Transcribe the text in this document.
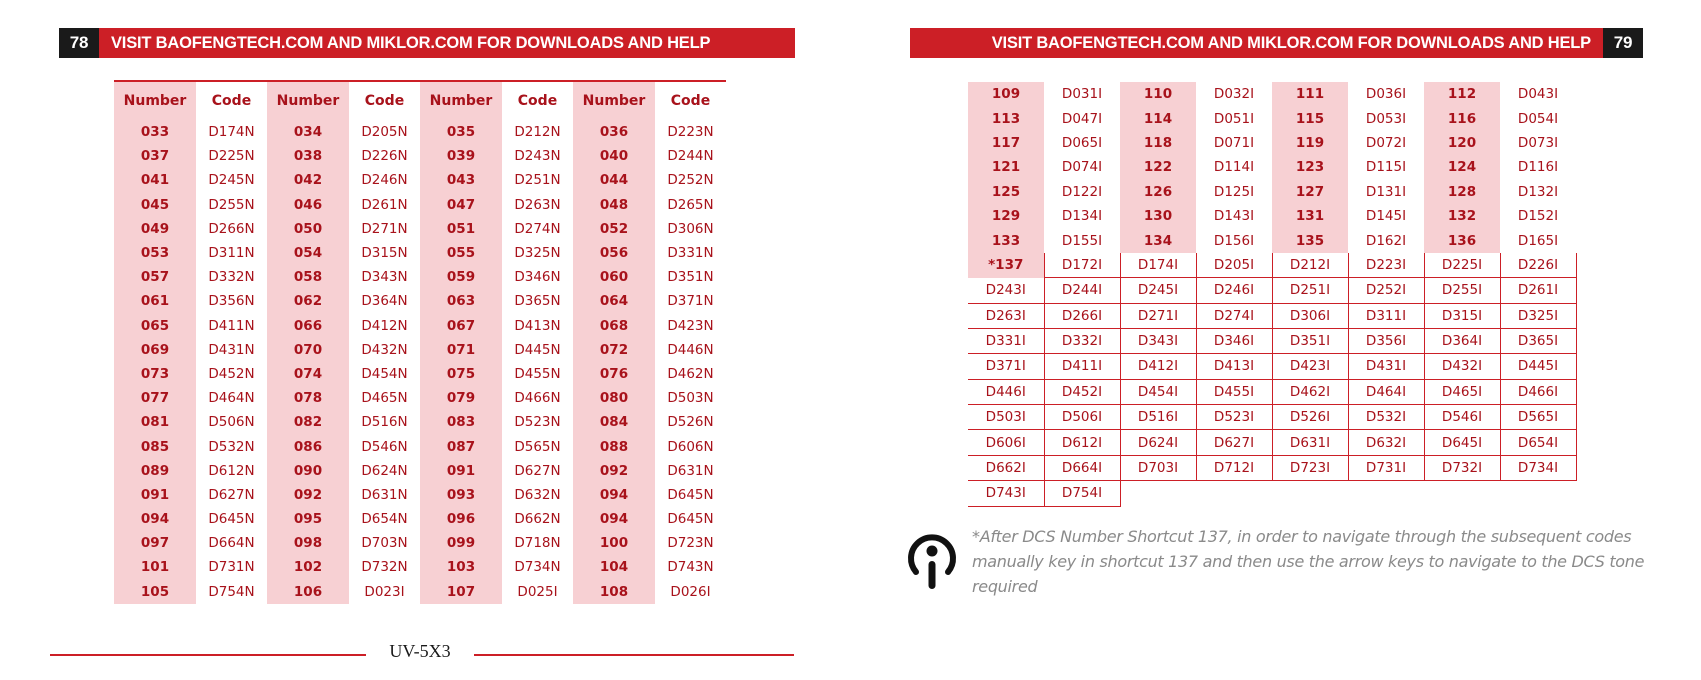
78	VISIT BAOFENGTECH.COM AND MIKLOR.COM FOR DOWNLOADS AND HELP	VISIT BAOFENGTECH.COM AND MIKLOR.COM FOR DOWNLOADS AND HELP	79
Number	Code	Number	Code	Number	Code	Number	Code
033	D174N	034	D205N	035	D212N	036	D223N
037	D225N	038	D226N	039	D243N	040	D244N
041	D245N	042	D246N	043	D251N	044	D252N
045	D255N	046	D261N	047	D263N	048	D265N
049	D266N	050	D271N	051	D274N	052	D306N
053	D311N	054	D315N	055	D325N	056	D331N
057	D332N	058	D343N	059	D346N	060	D351N
061	D356N	062	D364N	063	D365N	064	D371N
065	D411N	066	D412N	067	D413N	068	D423N
069	D431N	070	D432N	071	D445N	072	D446N
073	D452N	074	D454N	075	D455N	076	D462N
077	D464N	078	D465N	079	D466N	080	D503N
081	D506N	082	D516N	083	D523N	084	D526N
085	D532N	086	D546N	087	D565N	088	D606N
089	D612N	090	D624N	091	D627N	092	D631N
091	D627N	092	D631N	093	D632N	094	D645N
094	D645N	095	D654N	096	D662N	094	D645N
097	D664N	098	D703N	099	D718N	100	D723N
101	D731N	102	D732N	103	D734N	104	D743N
105	D754N	106	D023I	107	D025I	108	D026I
109	D031I	110	D032I	111	D036I	112	D043I
113	D047I	114	D051I	115	D053I	116	D054I
117	D065I	118	D071I	119	D072I	120	D073I
121	D074I	122	D114I	123	D115I	124	D116I
125	D122I	126	D125I	127	D131I	128	D132I
129	D134I	130	D143I	131	D145I	132	D152I
133	D155I	134	D156I	135	D162I	136	D165I
*137	D172I	D174I	D205I	D212I	D223I	D225I	D226I
D243I	D244I	D245I	D246I	D251I	D252I	D255I	D261I
D263I	D266I	D271I	D274I	D306I	D311I	D315I	D325I
D331I	D332I	D343I	D346I	D351I	D356I	D364I	D365I
D371I	D411I	D412I	D413I	D423I	D431I	D432I	D445I
D446I	D452I	D454I	D455I	D462I	D464I	D465I	D466I
D503I	D506I	D516I	D523I	D526I	D532I	D546I	D565I
D606I	D612I	D624I	D627I	D631I	D632I	D645I	D654I
D662I	D664I	D703I	D712I	D723I	D731I	D732I	D734I
D743I	D754I						
*After DCS Number Shortcut 137, in order to navigate through the subsequent codes manually key in shortcut 137 and then use the arrow keys to navigate to the DCS tone required
UV-5X3
